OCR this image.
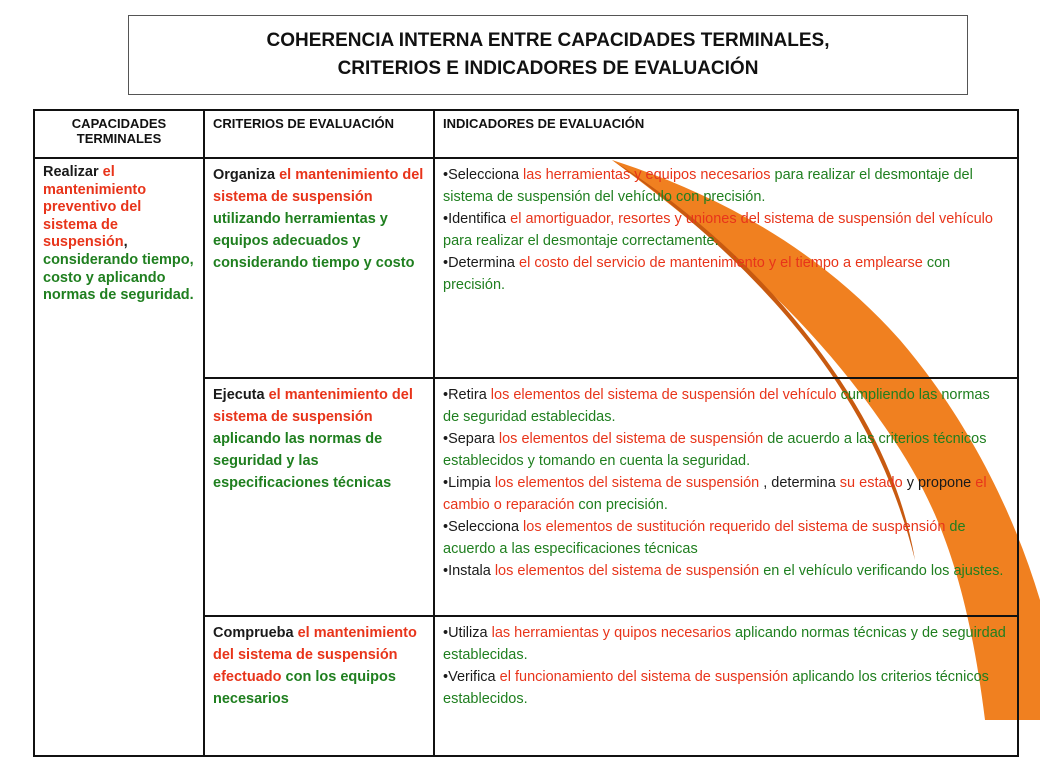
COHERENCIA INTERNA ENTRE CAPACIDADES TERMINALES,
CRITERIOS E INDICADORES DE EVALUACIÓN
CAPACIDADES TERMINALES	CRITERIOS DE EVALUACIÓN	INDICADORES DE EVALUACIÓN
Realizar el mantenimiento preventivo del sistema de suspensión, considerando tiempo, costo y aplicando normas de seguridad.	Organiza el mantenimiento del sistema de suspensión utilizando herramientas y equipos adecuados y considerando tiempo y costo	•Selecciona las herramientas y equipos necesarios para realizar el desmontaje del sistema de suspensión del vehículo con precisión.
•Identifica el amortiguador, resortes y uniones del sistema de suspensión del vehículo para realizar el desmontaje correctamente.
•Determina el costo del servicio de mantenimiento y el tiempo a emplearse con precisión.

	Ejecuta el mantenimiento del sistema de suspensión aplicando las normas de seguridad y las especificaciones técnicas	•Retira los elementos del sistema de suspensión del vehículo cumpliendo las normas de seguridad establecidas.
•Separa los elementos del sistema de suspensión de acuerdo a las criterios técnicos establecidos y tomando en cuenta la seguridad.
•Limpia los elementos del sistema de suspensión , determina su estado y propone el cambio o reparación con precisión.
•Selecciona los elementos de sustitución requerido del sistema de suspensión de acuerdo a las especificaciones técnicas
•Instala los elementos del sistema de suspensión en el vehículo verificando los ajustes.

	Comprueba el mantenimiento del sistema de suspensión efectuado con los equipos necesarios	•Utiliza las herramientas y quipos necesarios aplicando normas técnicas y de seguirdad establecidas.
•Verifica el funcionamiento del sistema de suspensión aplicando los criterios técnicos establecidos.
